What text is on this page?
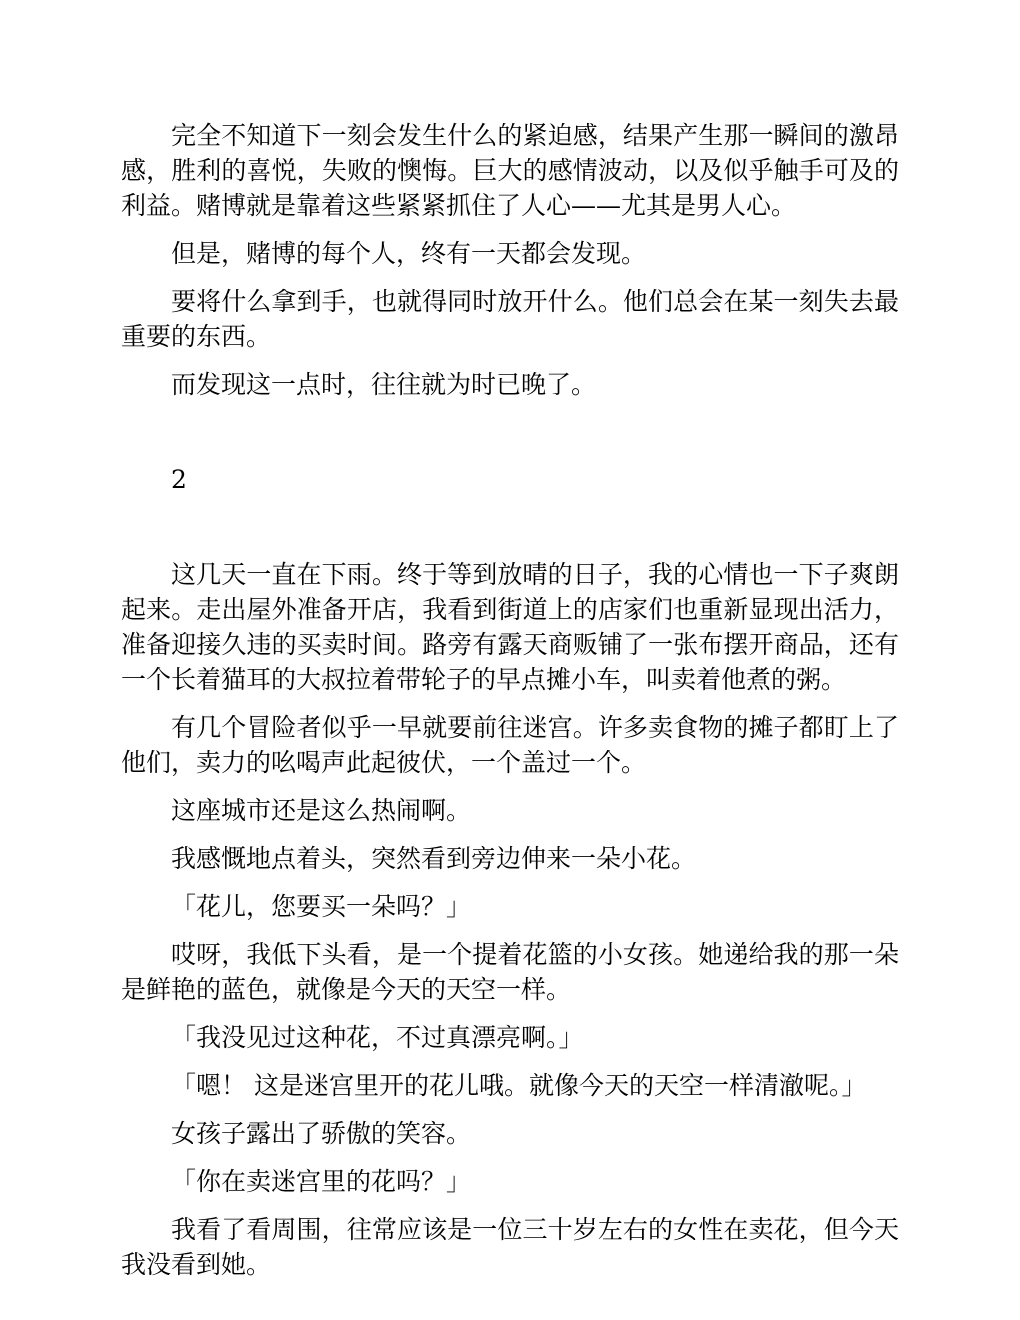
完全不知道下一刻会发生什么的紧迫感，结果产生那一瞬间的激昂感，胜利的喜悦，失败的懊悔。巨大的感情波动，以及似乎触手可及的利益。赌博就是靠着这些紧紧抓住了人心——尤其是男人心。

但是，赌博的每个人，终有一天都会发现。

要将什么拿到手，也就得同时放开什么。他们总会在某一刻失去最重要的东西。

而发现这一点时，往往就为时已晚了。

2

这几天一直在下雨。终于等到放晴的日子，我的心情也一下子爽朗起来。走出屋外准备开店，我看到街道上的店家们也重新显现出活力，准备迎接久违的买卖时间。路旁有露天商贩铺了一张布摆开商品，还有一个长着猫耳的大叔拉着带轮子的早点摊小车，叫卖着他煮的粥。

有几个冒险者似乎一早就要前往迷宫。许多卖食物的摊子都盯上了他们，卖力的吆喝声此起彼伏，一个盖过一个。

这座城市还是这么热闹啊。

我感慨地点着头，突然看到旁边伸来一朵小花。

「花儿，您要买一朵吗？」

哎呀，我低下头看，是一个提着花篮的小女孩。她递给我的那一朵是鲜艳的蓝色，就像是今天的天空一样。

「我没见过这种花，不过真漂亮啊。」

「嗯！ 这是迷宫里开的花儿哦。就像今天的天空一样清澈呢。」

女孩子露出了骄傲的笑容。

「你在卖迷宫里的花吗？」

我看了看周围，往常应该是一位三十岁左右的女性在卖花，但今天我没看到她。
